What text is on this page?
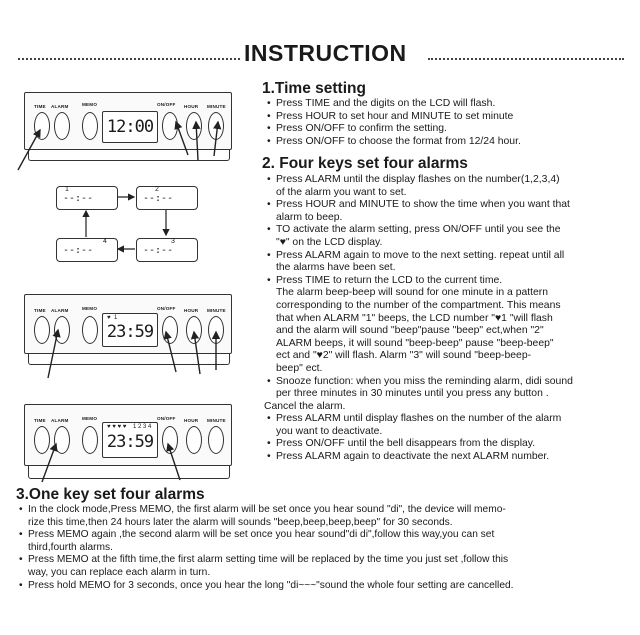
INSTRUCTION
TIME ALARM	MEMO	ON/OFF HOUR MINUTE
12:00
TIME ALARM	MEMO	ON/OFF HOUR MINUTE
♥ 1
23:59
TIME ALARM	MEMO	ON/OFF HOUR MINUTE
♥ ♥ ♥ ♥ 1 2 3 4
23:59
1
--:--
2
--:--
4
--:--
3
--:--
1.Time setting
• Press TIME and the digits on the LCD will flash.
• Press HOUR to set hour and MINUTE to set minute
• Press ON/OFF to confirm the setting.
• Press ON/OFF to choose the format from 12/24 hour.
2. Four keys set four alarms
• Press ALARM until the display flashes on the number(1,2,3,4)
of the alarm you want to set.
• Press HOUR and MINUTE to show the time when you want that
alarm to beep.
• TO activate the alarm setting, press ON/OFF until you see the
"♥" on the LCD display.
• Press ALARM again to move to the next setting. repeat until all
the alarms have been set.
• Press TIME to return the LCD to the current time.
The alarm beep-beep will sound for one minute in a pattern
corresponding to the number of the compartment. This means
that when ALARM "1" beeps, the LCD number "♥1 "will flash
and the alarm will sound "beep"pause "beep" ect,when "2"
ALARM beeps, it will sound "beep-beep" pause "beep-beep"
ect and "♥2" will flash. Alarm "3" will sound "beep-beep-
beep" ect.
• Snooze function: when you miss the reminding alarm, didi sound
per three minutes in 30 minutes until you press any button .
Cancel the alarm.
• Press ALARM until display flashes on the number of the alarm
you want to deactivate.
• Press ON/OFF until the bell disappears from the display.
• Press ALARM again to deactivate the next ALARM number.
3.One key set four alarms
• In the clock mode,Press MEMO, the first alarm will be set once you hear sound "di", the device will memo-
rize this time,then 24 hours later the alarm will sounds "beep,beep,beep,beep" for 30 seconds.
• Press MEMO again ,the second alarm will be set once you hear sound"di di",follow this way,you can set
third,fourth alarms.
• Press MEMO at the fifth time,the first alarm setting time will be replaced by the time you just set ,follow this
way, you can replace each alarm in turn.
• Press hold MEMO for 3 seconds, once you hear the long "di~~~"sound the whole four setting are cancelled.
